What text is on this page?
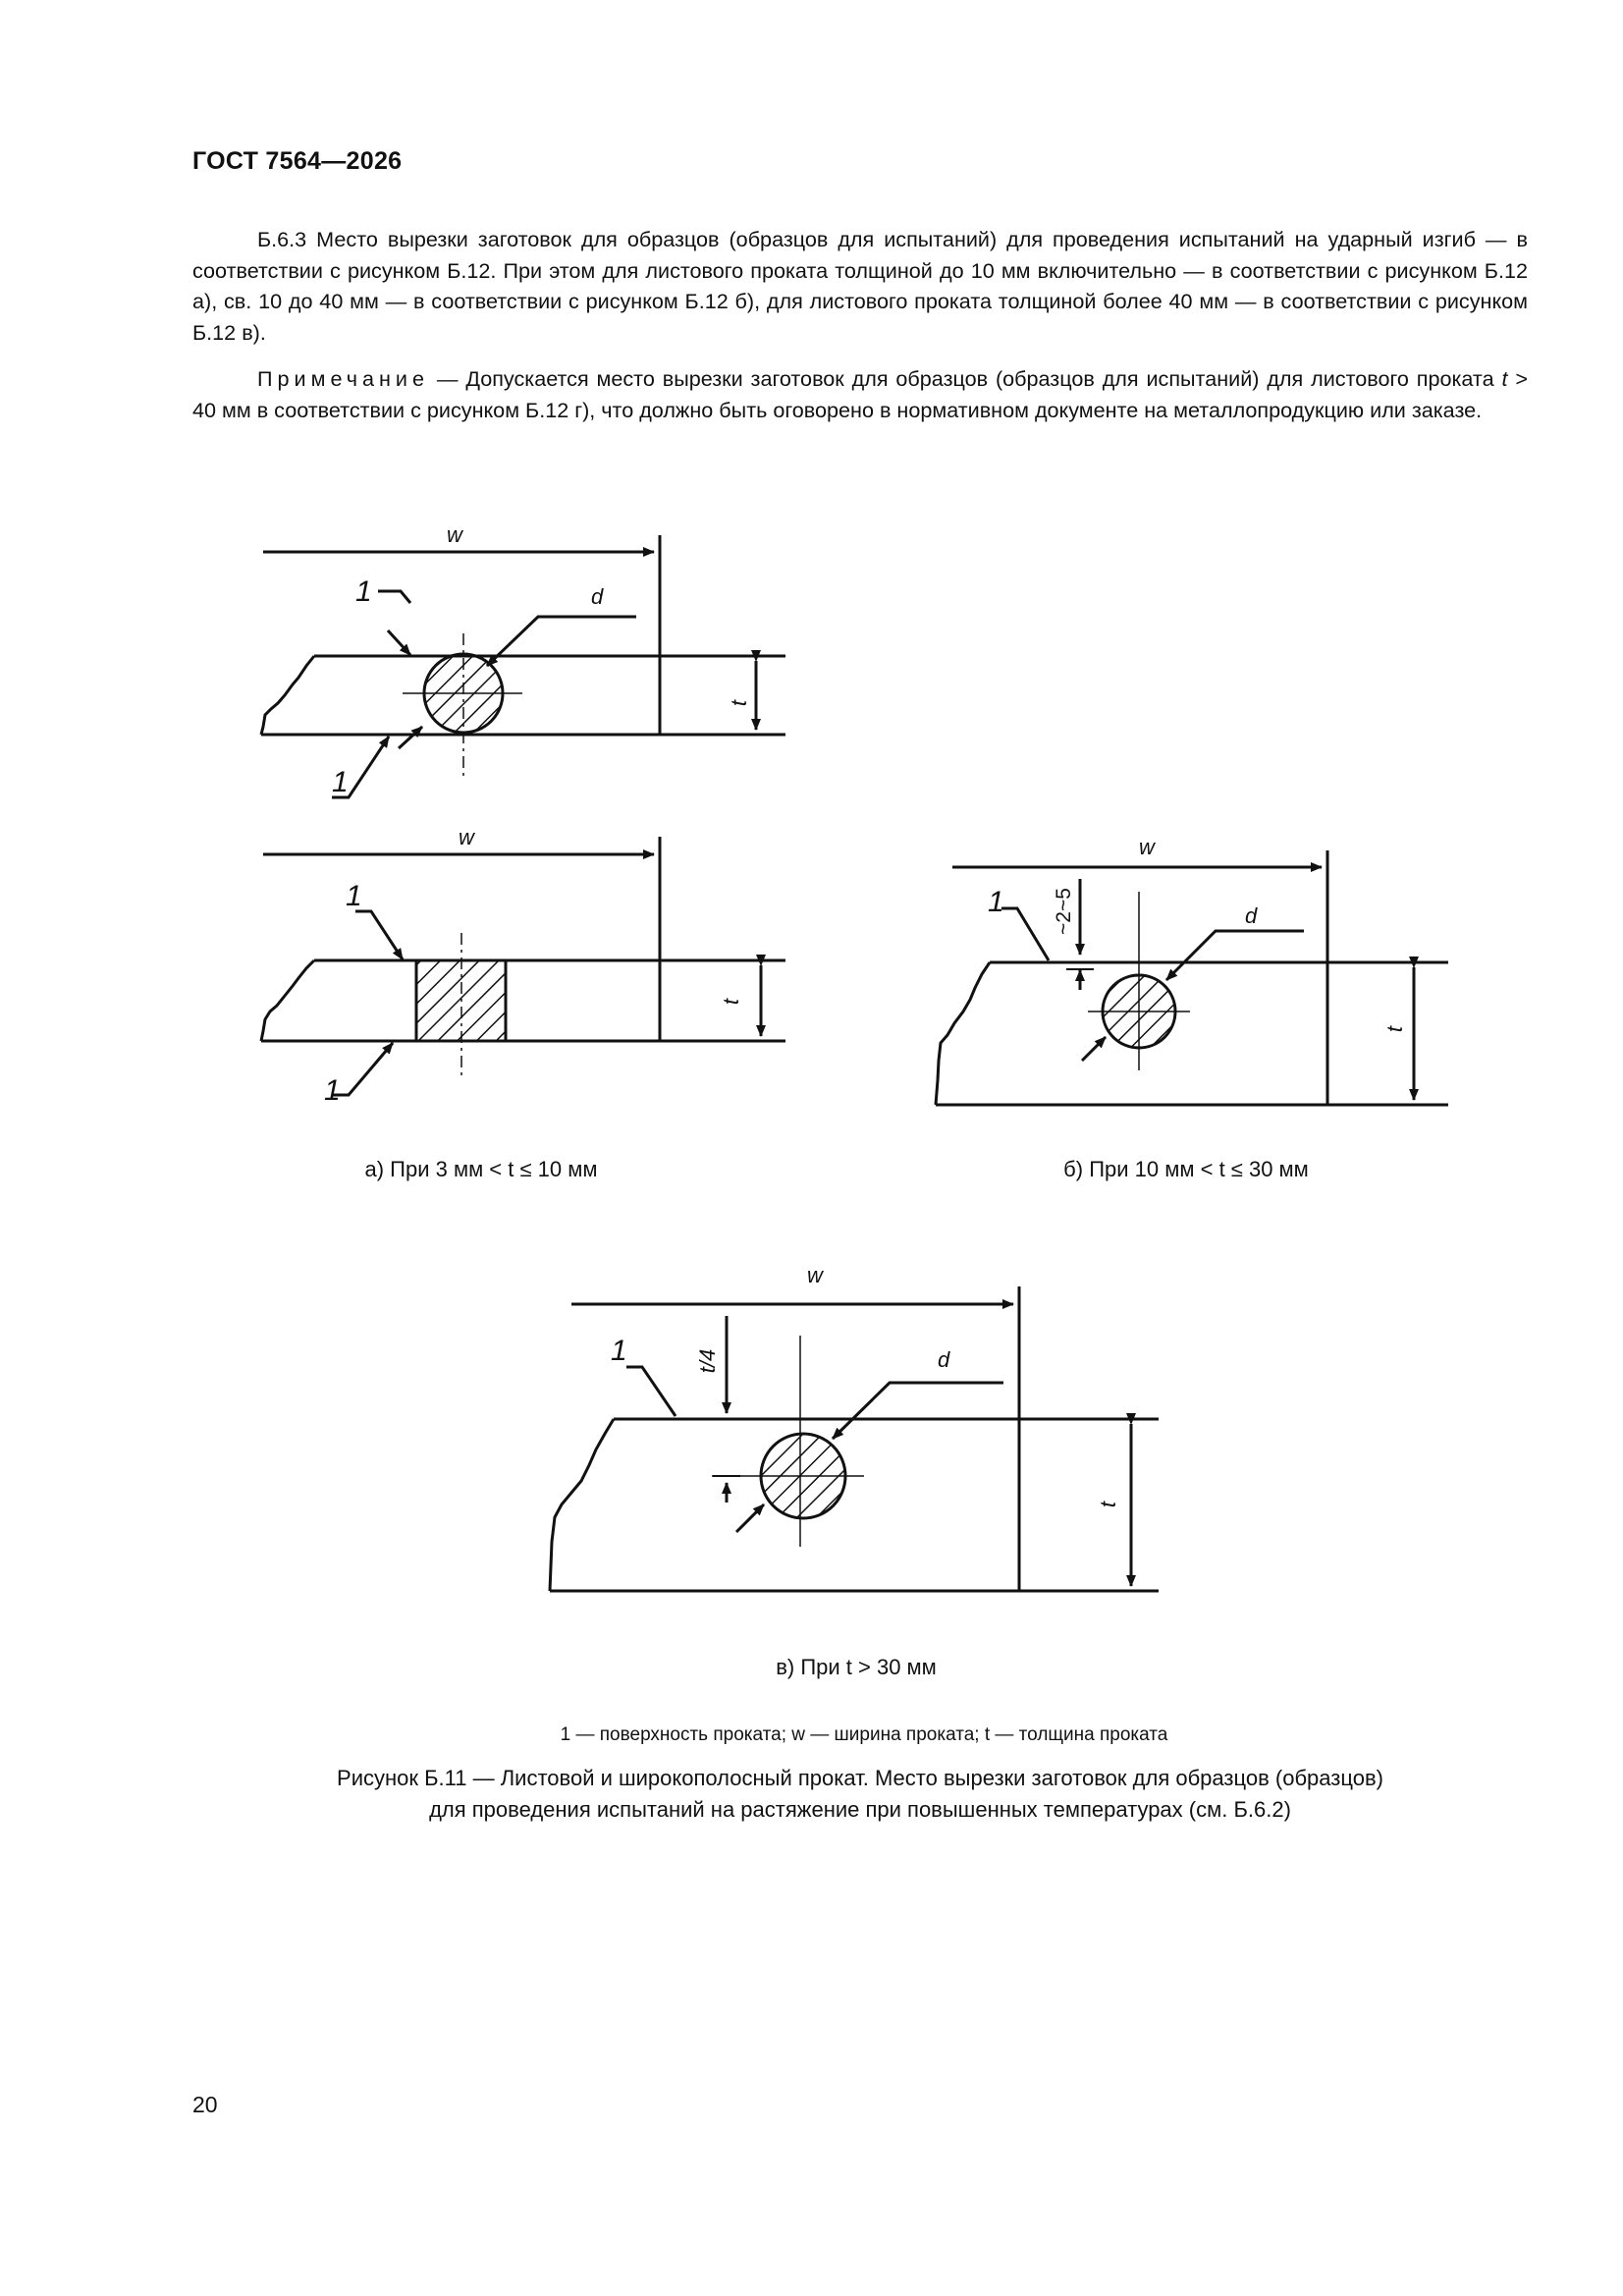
ГОСТ 7564—2026

Б.6.3 Место вырезки заготовок для образцов (образцов для испытаний) для проведения испытаний на ударный изгиб — в соответствии с рисунком Б.12. При этом для листового проката толщиной до 10 мм включительно — в соответствии с рисунком Б.12 а), св. 10 до 40 мм — в соответствии с рисунком Б.12 б), для листового проката толщиной более 40 мм — в соответствии с рисунком Б.12 в).

Примечание — Допускается место вырезки заготовок для образцов (образцов для испытаний) для листового проката t > 40 мм в соответствии с рисунком Б.12 г), что должно быть оговорено в нормативном документе на металлопродукцию или заказе.

w
d
1
1
t
w
1
1
t
w
d
1 ~2~5
t
w
d
1	t/4
t
а) При 3 мм < t ≤ 10 мм	б) При 10 мм < t ≤ 30 мм
в) При t > 30 мм
1 — поверхность проката; w — ширина проката; t — толщина проката
Рисунок Б.11 — Листовой и широкополосный прокат. Место вырезки заготовок для образцов (образцов)
для проведения испытаний на растяжение при повышенных температурах (см. Б.6.2)
20
